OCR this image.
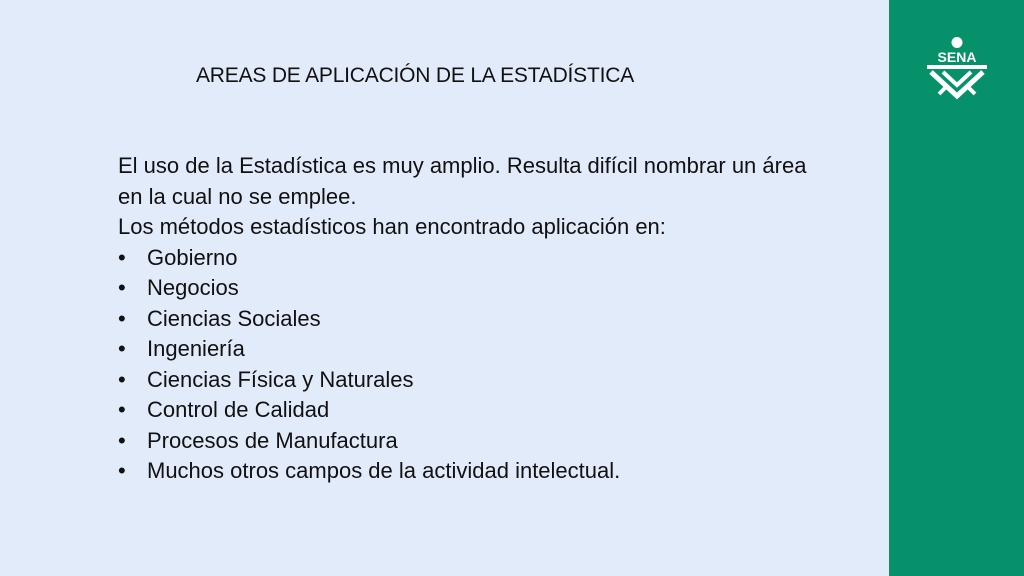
AREAS DE APLICACIÓN DE LA ESTADÍSTICA

El uso de la Estadística es muy amplio. Resulta difícil nombrar un área en la cual no se emplee.

Los métodos estadísticos han encontrado aplicación en:

• Gobierno
• Negocios
• Ciencias Sociales
• Ingeniería
• Ciencias Física y Naturales
• Control de Calidad
• Procesos de Manufactura
• Muchos otros campos de la actividad intelectual.
SENA
